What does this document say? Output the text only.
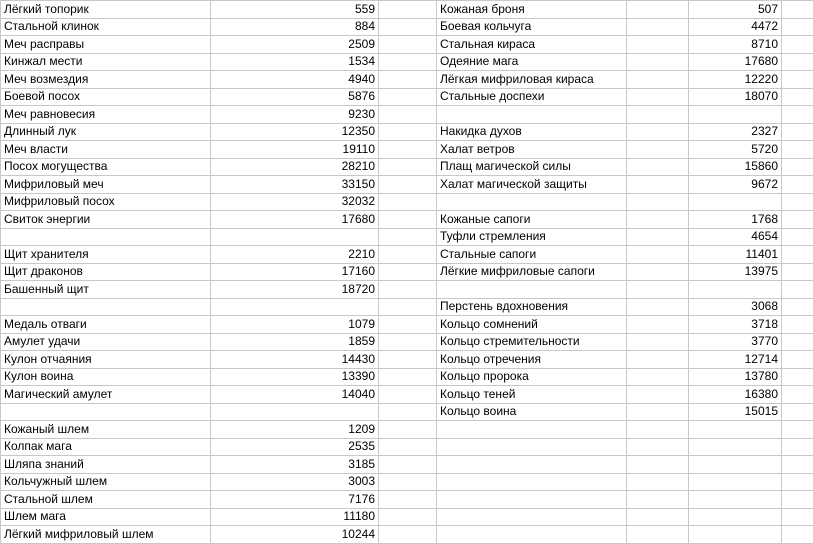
Лёгкий топорик	559		Кожаная броня		507	
Стальной клинок	884		Боевая кольчуга		4472	
Меч расправы	2509		Стальная кираса		8710	
Кинжал мести	1534		Одеяние мага		17680	
Меч возмездия	4940		Лёгкая мифриловая кираса		12220	
Боевой посох	5876		Стальные доспехи		18070	
Меч равновесия	9230					
Длинный лук	12350		Накидка духов		2327	
Меч власти	19110		Халат ветров		5720	
Посох могущества	28210		Плащ магической силы		15860	
Мифриловый меч	33150		Халат магической защиты		9672	
Мифриловый посох	32032					
Свиток энергии	17680		Кожаные сапоги		1768	
			Туфли стремления		4654	
Щит хранителя	2210		Стальные сапоги		11401	
Щит драконов	17160		Лёгкие мифриловые сапоги		13975	
Башенный щит	18720					
			Перстень вдохновения		3068	
Медаль отваги	1079		Кольцо сомнений		3718	
Амулет удачи	1859		Кольцо стремительности		3770	
Кулон отчаяния	14430		Кольцо отречения		12714	
Кулон воина	13390		Кольцо пророка		13780	
Магический амулет	14040		Кольцо теней		16380	
			Кольцо воина		15015	
Кожаный шлем	1209					
Колпак мага	2535					
Шляпа знаний	3185					
Кольчужный шлем	3003					
Стальной шлем	7176					
Шлем мага	11180					
Лёгкий мифриловый шлем	10244					
